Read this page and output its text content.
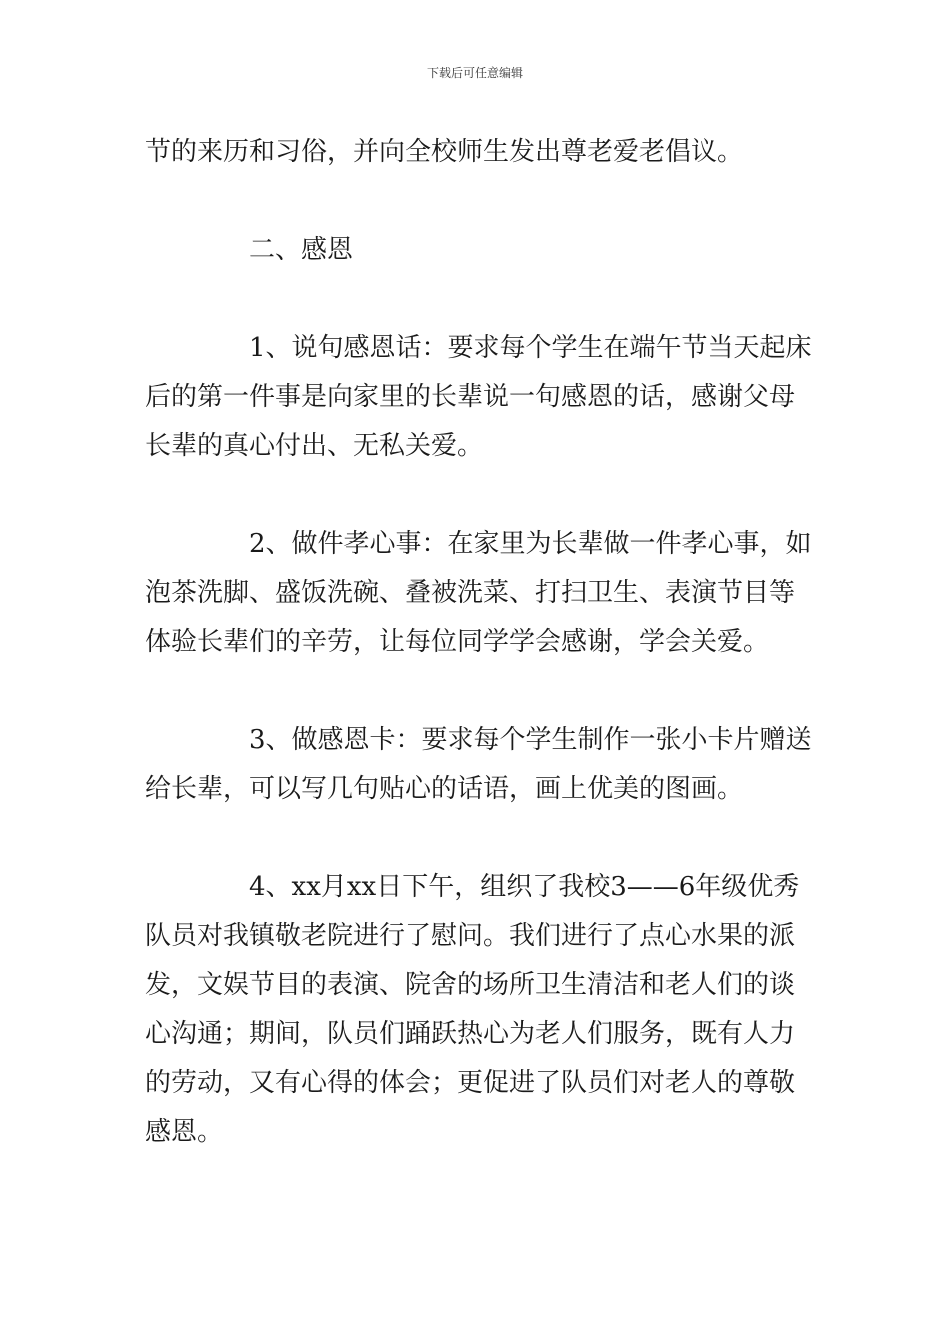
下载后可任意编辑
节的来历和习俗，并向全校师生发出尊老爱老倡议。
二、感恩
1、说句感恩话：要求每个学生在端午节当天起床
后的第一件事是向家里的长辈说一句感恩的话，感谢父母
长辈的真心付出、无私关爱。
2、做件孝心事：在家里为长辈做一件孝心事，如
泡茶洗脚、盛饭洗碗、叠被洗菜、打扫卫生、表演节目等
体验长辈们的辛劳，让每位同学学会感谢，学会关爱。
3、做感恩卡：要求每个学生制作一张小卡片赠送
给长辈，可以写几句贴心的话语，画上优美的图画。
4、xx月xx日下午，组织了我校3——6年级优秀
队员对我镇敬老院进行了慰问。我们进行了点心水果的派
发，文娱节目的表演、院舍的场所卫生清洁和老人们的谈
心沟通；期间，队员们踊跃热心为老人们服务，既有人力
的劳动，又有心得的体会；更促进了队员们对老人的尊敬
感恩。
